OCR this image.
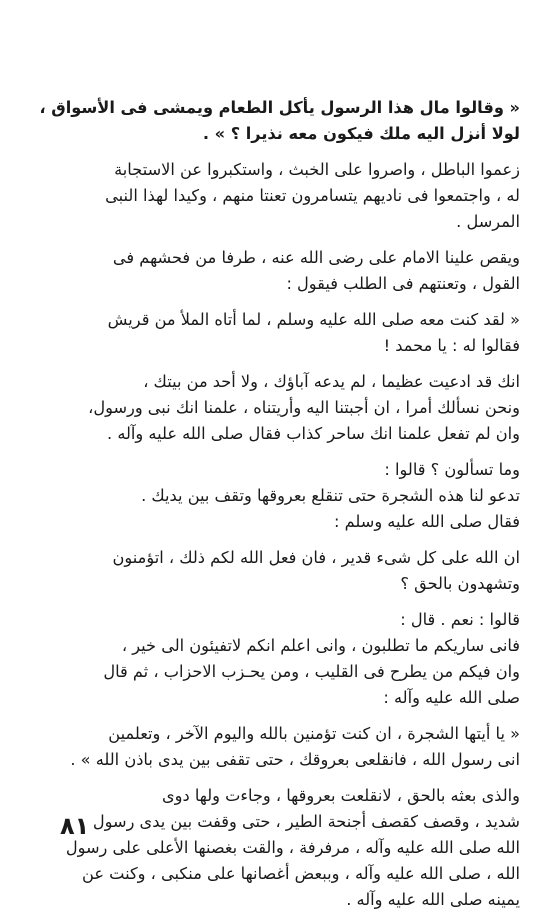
« وقالوا مال هذا الرسول يأكل الطعام ويمشى فى الأسواق ،
لولا أنزل اليه ملك فيكون معه نذيرا ؟ » .

زعموا الباطل ، واصروا على الخبث ، واستكبروا عن الاستجابة
له ، واجتمعوا فى ناديهم يتسامرون تعنتا منهم ، وكيدا لهذا النبى
المرسل .

ويقص علينا الامام على رضى الله عنه ، طرفا من فحشهم فى
القول ، وتعنتهم فى الطلب فيقول :

« لقد كنت معه صلى الله عليه وسلم ، لما أتاه الملأ من قريش
فقالوا له : يا محمد !

انك قد ادعيت عظيما ، لم يدعه آباؤك ، ولا أحد من بيتك ،
ونحن نسألك أمرا ، ان أجبتنا اليه وأريتناه ، علمنا انك نبى ورسول،
وان لم تفعل علمنا انك ساحر كذاب فقال صلى الله عليه وآله .

وما تسألون ؟ قالوا :
تدعو لنا هذه الشجرة حتى تنقلع بعروقها وتقف بين يديك .
فقال صلى الله عليه وسلم :

ان الله على كل شىء قدير ، فان فعل الله لكم ذلك ، اتؤمنون
وتشهدون بالحق ؟

قالوا : نعم . قال :
فانى ساريكم ما تطلبون ، وانى اعلم انكم لاتفيئون الى خير ،
وان فيكم من يطرح فى القليب ، ومن يحـزب الاحزاب ، ثم قال
صلى الله عليه وآله :

« يا أيتها الشجرة ، ان كنت تؤمنين بالله واليوم الآخر ، وتعلمين
انى رسول الله ، فانقلعى بعروقك ، حتى تقفى بين يدى باذن الله » .

والذى بعثه بالحق ، لانقلعت بعروقها ، وجاءت ولها دوى
شديد ، وقصف كقصف أجنحة الطير ، حتى وقفت بين يدى رسول
الله صلى الله عليه وآله ، مرفرفة ، والقت بغصنها الأعلى على رسول
الله ، صلى الله عليه وآله ، وببعض أغصانها على منكبى ، وكنت عن
يمينه صلى الله عليه وآله .

٨١
